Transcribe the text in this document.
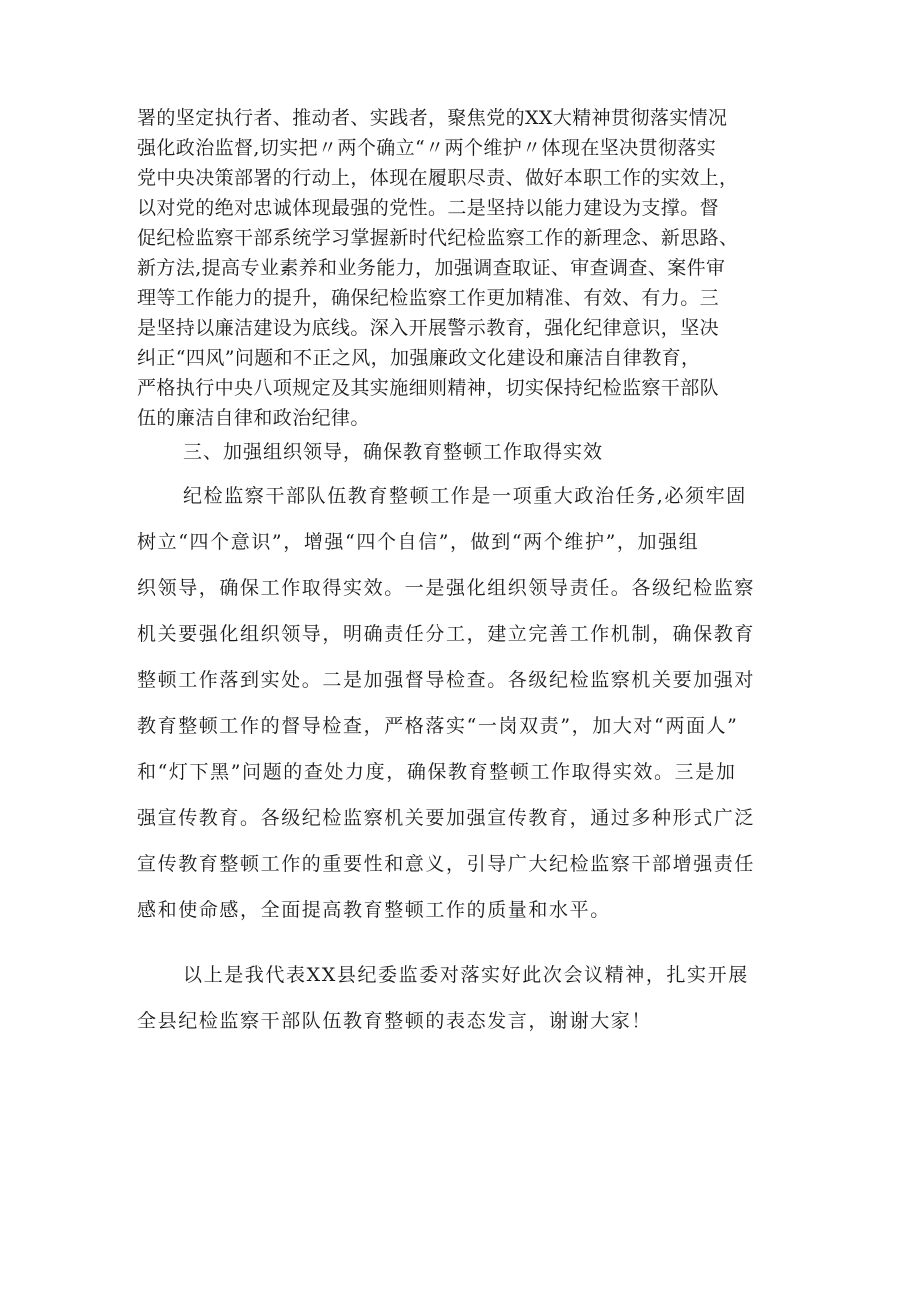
署的坚定执行者、推动者、实践者，聚焦党的XX大精神贯彻落实情况
强化政治监督,切实把〃两个确立“〃两个维护〃体现在坚决贯彻落实
党中央决策部署的行动上，体现在履职尽责、做好本职工作的实效上，
以对党的绝对忠诚体现最强的党性。二是坚持以能力建设为支撑。督
促纪检监察干部系统学习掌握新时代纪检监察工作的新理念、新思路、
新方法,提高专业素养和业务能力，加强调查取证、审查调查、案件审
理等工作能力的提升，确保纪检监察工作更加精准、有效、有力。三
是坚持以廉洁建设为底线。深入开展警示教育，强化纪律意识，坚决
纠正“四风”问题和不正之风，加强廉政文化建设和廉洁自律教育，
严格执行中央八项规定及其实施细则精神，切实保持纪检监察干部队
伍的廉洁自律和政治纪律。
三、加强组织领导，确保教育整顿工作取得实效
纪检监察干部队伍教育整顿工作是一项重大政治任务,必须牢固
树立“四个意识”，增强“四个自信”，做到“两个维护”，加强组
织领导，确保工作取得实效。一是强化组织领导责任。各级纪检监察
机关要强化组织领导，明确责任分工，建立完善工作机制，确保教育
整顿工作落到实处。二是加强督导检查。各级纪检监察机关要加强对
教育整顿工作的督导检查，严格落实“一岗双责”，加大对“两面人”
和“灯下黑”问题的查处力度，确保教育整顿工作取得实效。三是加
强宣传教育。各级纪检监察机关要加强宣传教育，通过多种形式广泛
宣传教育整顿工作的重要性和意义，引导广大纪检监察干部增强责任
感和使命感，全面提高教育整顿工作的质量和水平。
以上是我代表XX县纪委监委对落实好此次会议精神，扎实开展
全县纪检监察干部队伍教育整顿的表态发言，谢谢大家！
